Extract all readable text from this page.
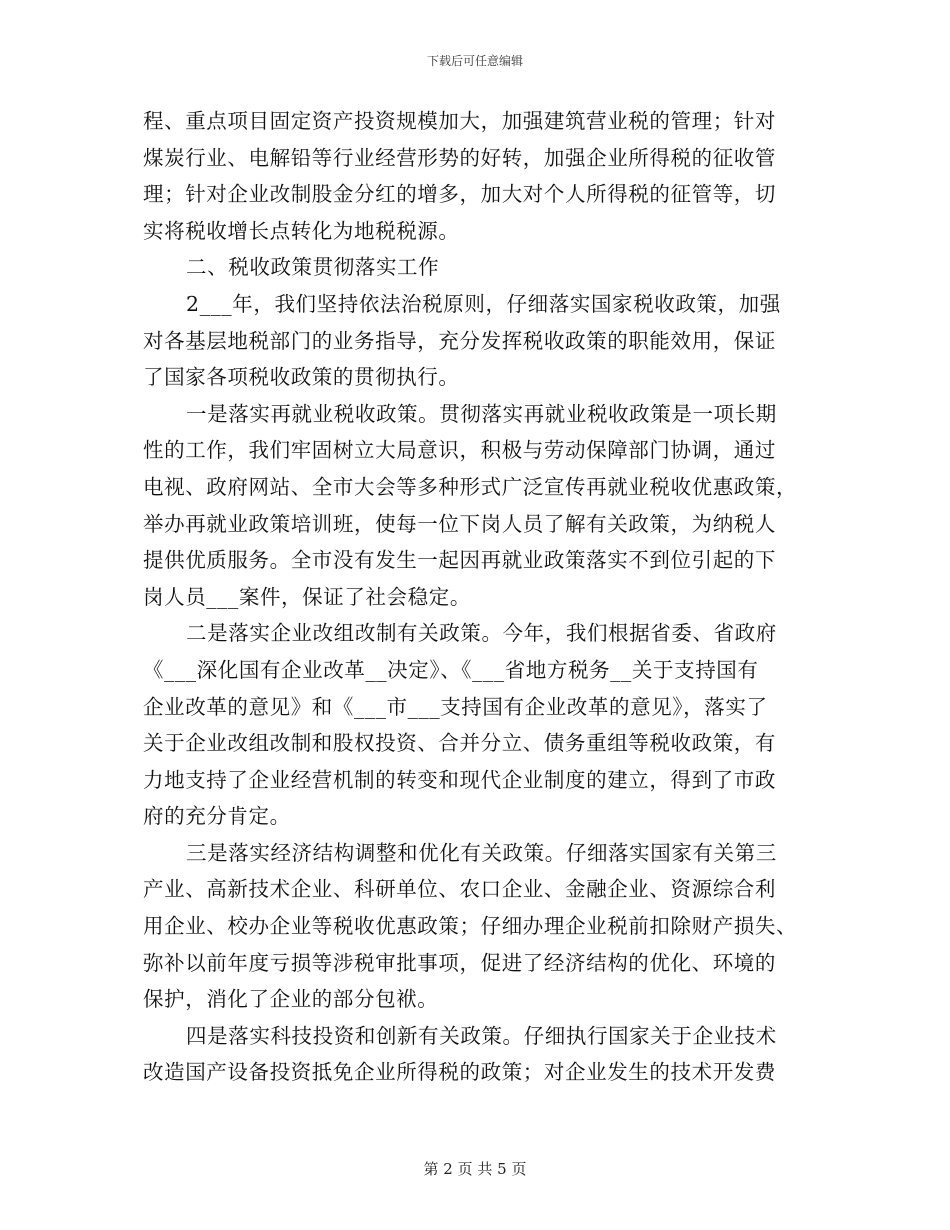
下载后可任意编辑

程、重点项目固定资产投资规模加大，加强建筑营业税的管理；针对
煤炭行业、电解铅等行业经营形势的好转，加强企业所得税的征收管
理；针对企业改制股金分红的增多，加大对个人所得税的征管等，切
实将税收增长点转化为地税税源。

二、税收政策贯彻落实工作

2___年，我们坚持依法治税原则，仔细落实国家税收政策，加强
对各基层地税部门的业务指导，充分发挥税收政策的职能效用，保证
了国家各项税收政策的贯彻执行。

一是落实再就业税收政策。贯彻落实再就业税收政策是一项长期
性的工作，我们牢固树立大局意识，积极与劳动保障部门协调，通过
电视、政府网站、全市大会等多种形式广泛宣传再就业税收优惠政策，
举办再就业政策培训班，使每一位下岗人员了解有关政策，为纳税人
提供优质服务。全市没有发生一起因再就业政策落实不到位引起的下
岗人员___案件，保证了社会稳定。

二是落实企业改组改制有关政策。今年，我们根据省委、省政府
《___深化国有企业改革__决定》、《___省地方税务__关于支持国有
企业改革的意见》和《___市___支持国有企业改革的意见》，落实了
关于企业改组改制和股权投资、合并分立、债务重组等税收政策，有
力地支持了企业经营机制的转变和现代企业制度的建立，得到了市政
府的充分肯定。

三是落实经济结构调整和优化有关政策。仔细落实国家有关第三
产业、高新技术企业、科研单位、农口企业、金融企业、资源综合利
用企业、校办企业等税收优惠政策；仔细办理企业税前扣除财产损失、
弥补以前年度亏损等涉税审批事项，促进了经济结构的优化、环境的
保护，消化了企业的部分包袱。

四是落实科技投资和创新有关政策。仔细执行国家关于企业技术
改造国产设备投资抵免企业所得税的政策；对企业发生的技术开发费

第 2 页 共 5 页
